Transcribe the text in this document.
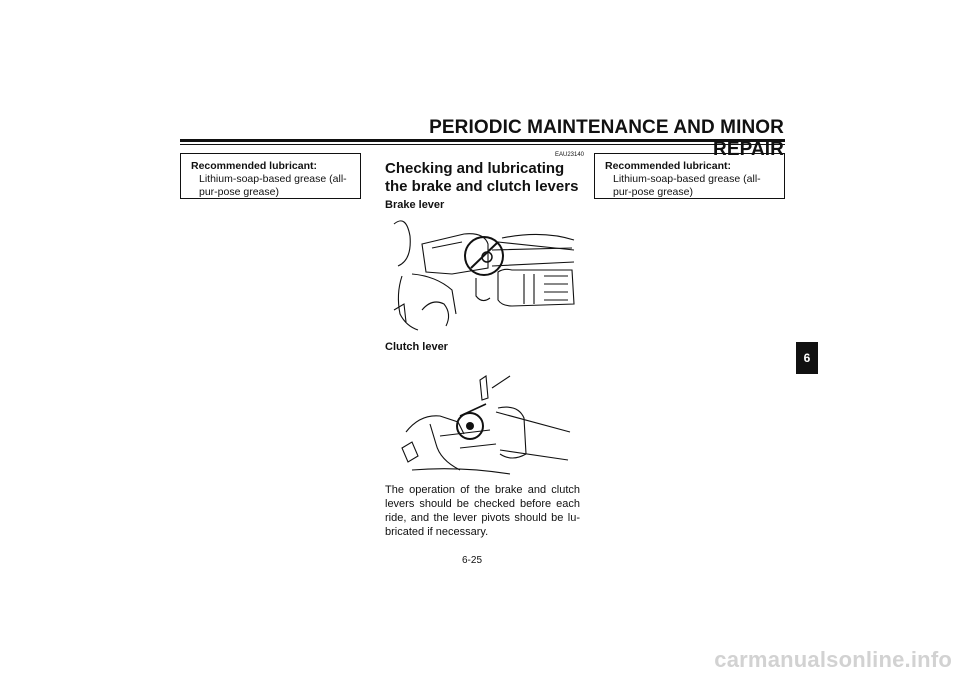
PERIODIC MAINTENANCE AND MINOR REPAIR
Recommended lubricant:
Lithium-soap-based grease (all-pur-pose grease)
EAU23140
Checking and lubricating the brake and clutch levers
Brake lever
Clutch lever
The operation of the brake and clutch levers should be checked before each ride, and the lever pivots should be lu-bricated if necessary.
Recommended lubricant:
Lithium-soap-based grease (all-pur-pose grease)
6-25
6
carmanualsonline.info
